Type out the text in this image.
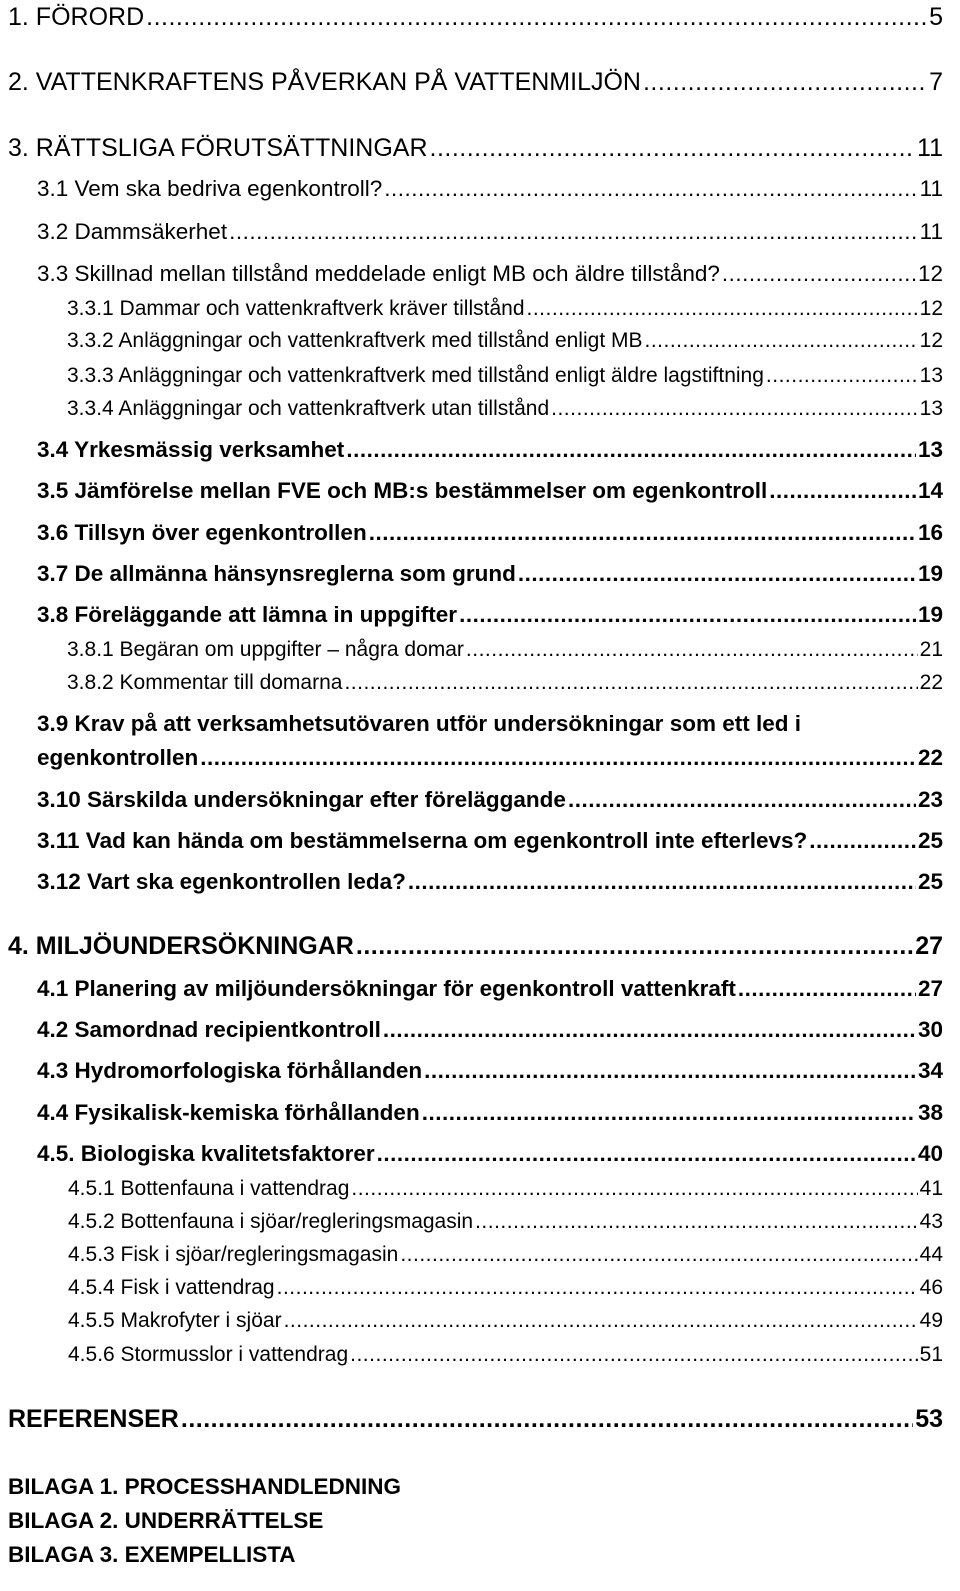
1. FÖRORD .....	5
2. VATTENKRAFTENS PÅVERKAN PÅ VATTENMILJÖN .....	7
3. RÄTTSLIGA FÖRUTSÄTTNINGAR .....	11
3.1 Vem ska bedriva egenkontroll? .....	11
3.2 Dammsäkerhet .....	11
3.3 Skillnad mellan tillstånd meddelade enligt MB och äldre tillstånd? .....	12
3.3.1 Dammar och vattenkraftverk kräver tillstånd .....	12
3.3.2 Anläggningar och vattenkraftverk med tillstånd enligt MB .....	12
3.3.3 Anläggningar och vattenkraftverk med tillstånd enligt äldre lagstiftning .....	13
3.3.4 Anläggningar och vattenkraftverk utan tillstånd .....	13
3.4 Yrkesmässig verksamhet .....	13
3.5 Jämförelse mellan FVE och MB:s bestämmelser om egenkontroll .....	14
3.6 Tillsyn över egenkontrollen .....	16
3.7 De allmänna hänsynsreglerna som grund .....	19
3.8 Föreläggande att lämna in uppgifter .....	19
3.8.1 Begäran om uppgifter – några domar .....	21
3.8.2 Kommentar till domarna .....	22
3.9 Krav på att verksamhetsutövaren utför undersökningar som ett led i
egenkontrollen .....	22
3.10 Särskilda undersökningar efter föreläggande .....	23
3.11 Vad kan hända om bestämmelserna om egenkontroll inte efterlevs? .....	25
3.12 Vart ska egenkontrollen leda? .....	25
4. MILJÖUNDERSÖKNINGAR .....	27
4.1 Planering av miljöundersökningar för egenkontroll vattenkraft .....	27
4.2 Samordnad recipientkontroll .....	30
4.3 Hydromorfologiska förhållanden .....	34
4.4 Fysikalisk-kemiska förhållanden .....	38
4.5. Biologiska kvalitetsfaktorer .....	40
4.5.1 Bottenfauna i vattendrag .....	41
4.5.2 Bottenfauna i sjöar/regleringsmagasin .....	43
4.5.3 Fisk i sjöar/regleringsmagasin .....	44
4.5.4 Fisk i vattendrag .....	46
4.5.5 Makrofyter i sjöar .....	49
4.5.6 Stormusslor i vattendrag .....	51
REFERENSER .....	53
BILAGA 1. PROCESSHANDLEDNING
BILAGA 2. UNDERRÄTTELSE
BILAGA 3. EXEMPELLISTA
